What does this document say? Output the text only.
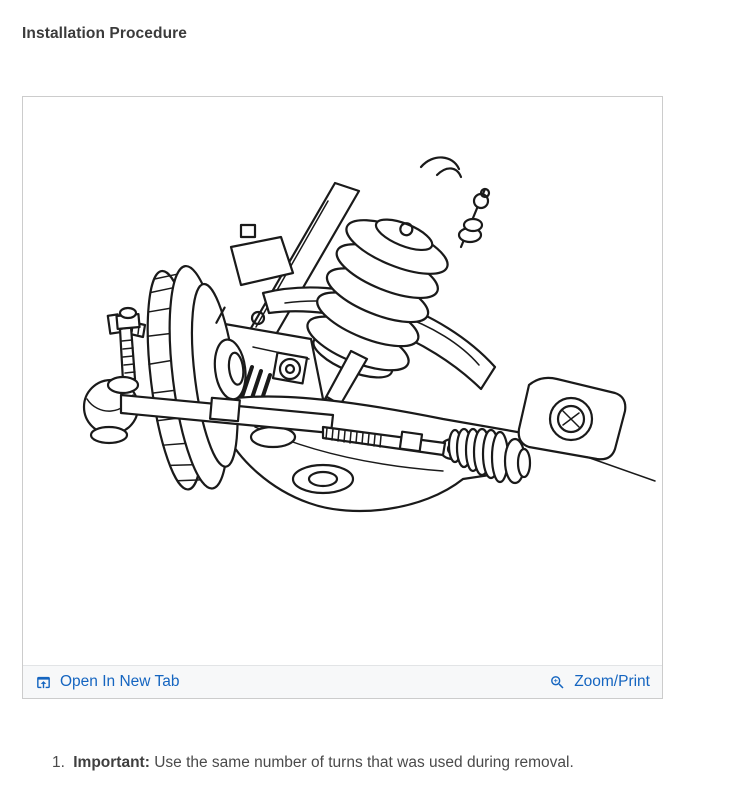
Installation Procedure
Open In New Tab	Zoom/Print
1. Important: Use the same number of turns that was used during removal.
